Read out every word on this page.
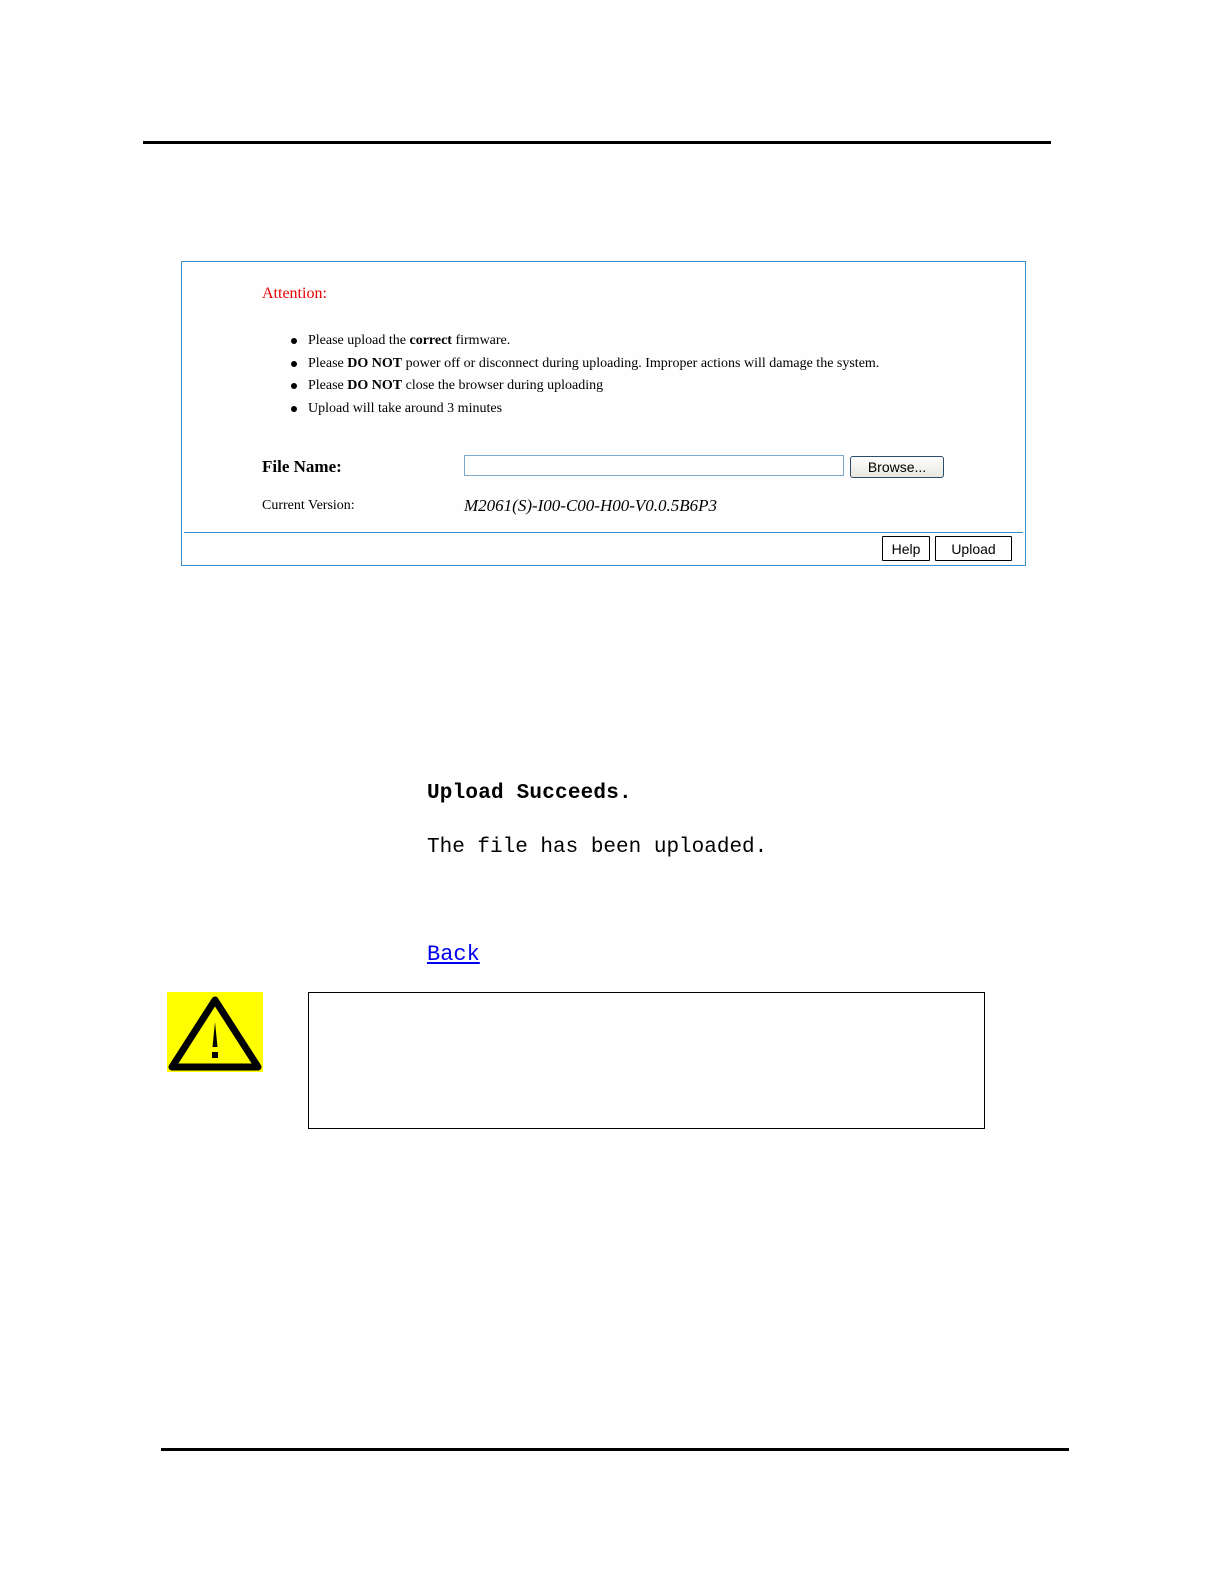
Attention:
Please upload the correct firmware.
Please DO NOT power off or disconnect during uploading. Improper actions will damage the system.
Please DO NOT close the browser during uploading
Upload will take around 3 minutes
File Name:	Browse...
Current Version:	M2061(S)-I00-C00-H00-V0.0.5B6P3
Help	Upload
Upload Succeeds.
The file has been uploaded.
Back
